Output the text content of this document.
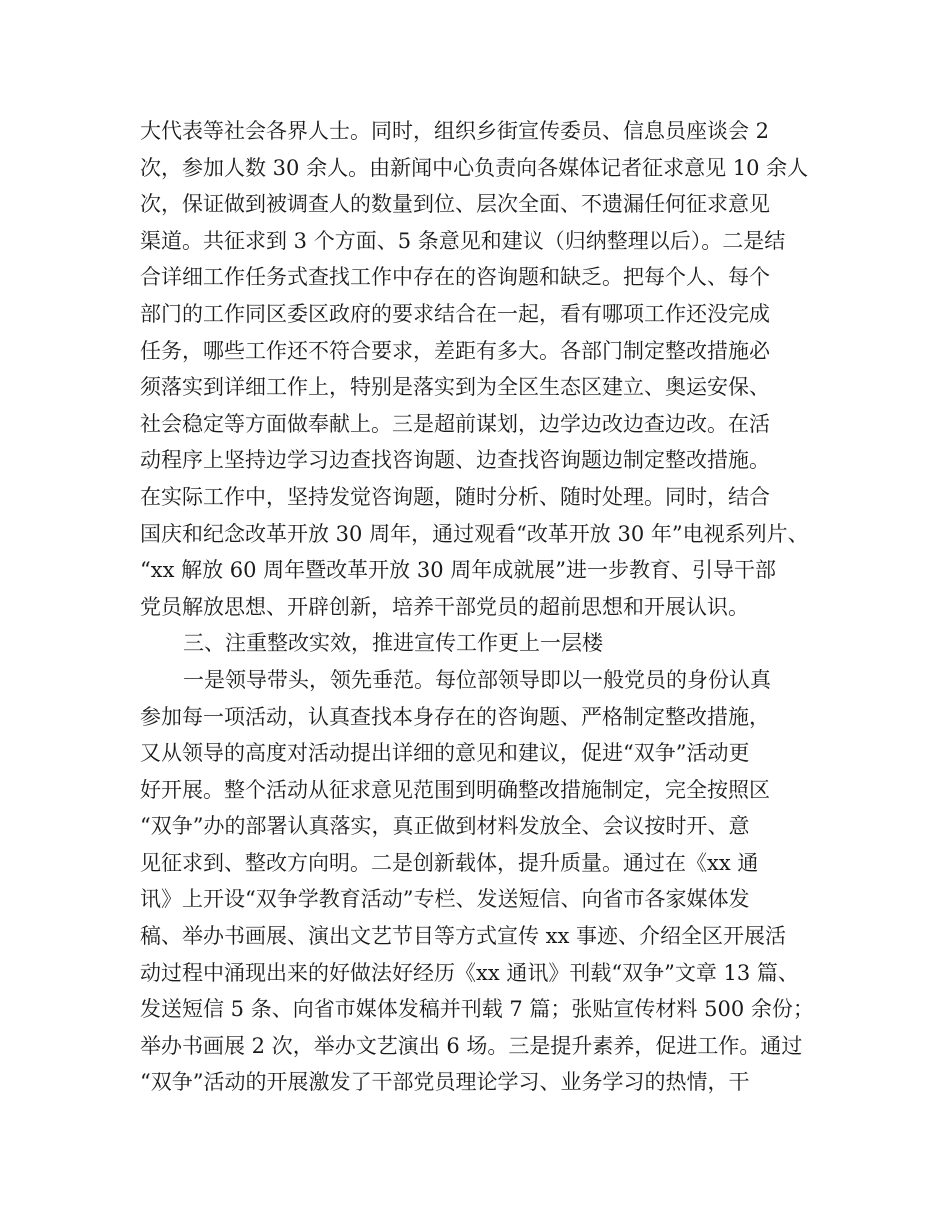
大代表等社会各界人士。同时，组织乡街宣传委员、信息员座谈会 2
次，参加人数 30 余人。由新闻中心负责向各媒体记者征求意见 10 余人
次，保证做到被调查人的数量到位、层次全面、不遗漏任何征求意见
渠道。共征求到 3 个方面、5 条意见和建议（归纳整理以后）。二是结
合详细工作任务式查找工作中存在的咨询题和缺乏。把每个人、每个
部门的工作同区委区政府的要求结合在一起，看有哪项工作还没完成
任务，哪些工作还不符合要求，差距有多大。各部门制定整改措施必
须落实到详细工作上，特别是落实到为全区生态区建立、奥运安保、
社会稳定等方面做奉献上。三是超前谋划，边学边改边查边改。在活
动程序上坚持边学习边查找咨询题、边查找咨询题边制定整改措施。
在实际工作中，坚持发觉咨询题，随时分析、随时处理。同时，结合
国庆和纪念改革开放 30 周年，通过观看“改革开放 30 年”电视系列片、
“xx 解放 60 周年暨改革开放 30 周年成就展”进一步教育、引导干部
党员解放思想、开辟创新，培养干部党员的超前思想和开展认识。
三、注重整改实效，推进宣传工作更上一层楼
一是领导带头，领先垂范。每位部领导即以一般党员的身份认真
参加每一项活动，认真查找本身存在的咨询题、严格制定整改措施，
又从领导的高度对活动提出详细的意见和建议，促进“双争”活动更
好开展。整个活动从征求意见范围到明确整改措施制定，完全按照区
“双争”办的部署认真落实，真正做到材料发放全、会议按时开、意
见征求到、整改方向明。二是创新载体，提升质量。通过在《xx 通
讯》上开设“双争学教育活动”专栏、发送短信、向省市各家媒体发
稿、举办书画展、演出文艺节目等方式宣传 xx 事迹、介绍全区开展活
动过程中涌现出来的好做法好经历《xx 通讯》刊载“双争”文章 13 篇、
发送短信 5 条、向省市媒体发稿并刊载 7 篇；张贴宣传材料 500 余份；
举办书画展 2 次，举办文艺演出 6 场。三是提升素养，促进工作。通过
“双争”活动的开展激发了干部党员理论学习、业务学习的热情，干
